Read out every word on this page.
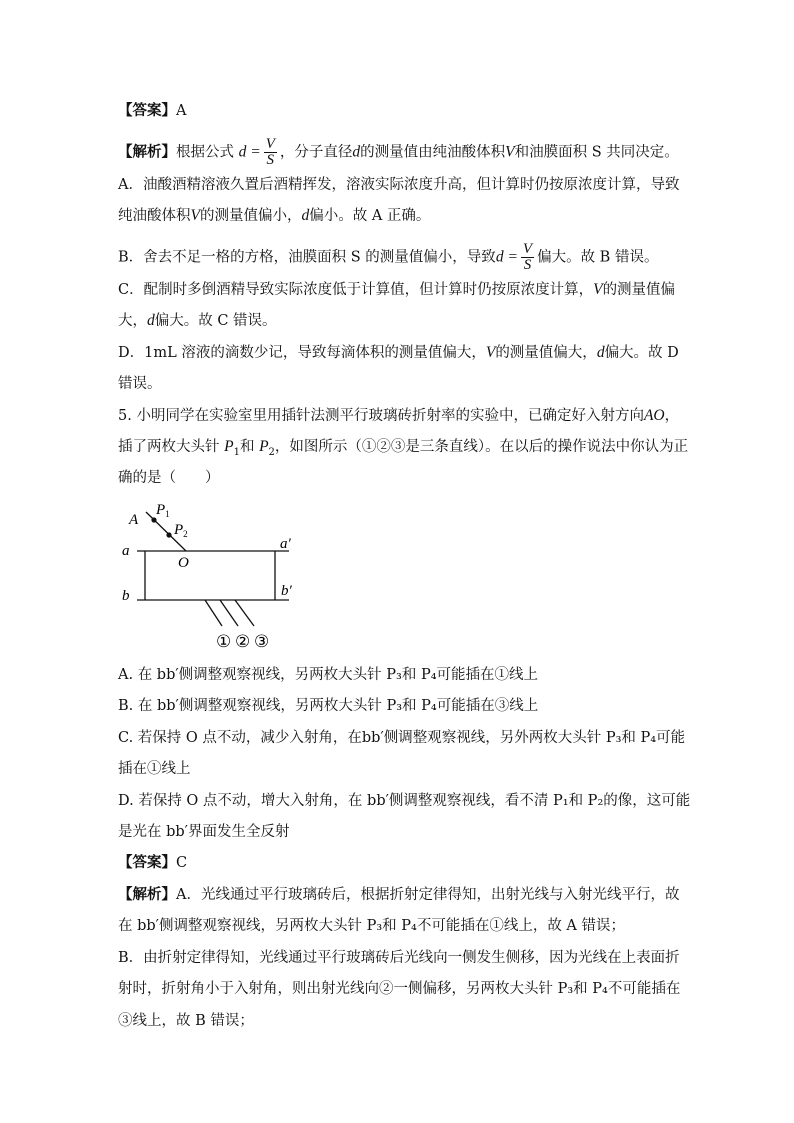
【答案】A
【解析】根据公式 $d = \frac{V}{S}$ ，分子直径d的测量值由纯油酸体积V和油膜面积 S 共同决定。
A．油酸酒精溶液久置后酒精挥发，溶液实际浓度升高，但计算时仍按原浓度计算，导致
纯油酸体积V的测量值偏小，d偏小。故 A 正确。
B．舍去不足一格的方格，油膜面积 S 的测量值偏小，导致$d = \frac{V}{S}$ 偏大。故 B 错误。
C．配制时多倒酒精导致实际浓度低于计算值，但计算时仍按原浓度计算，V的测量值偏
大，d偏大。故 C 错误。
D．1mL 溶液的滴数少记，导致每滴体积的测量值偏大，V的测量值偏大，d偏大。故 D
错误。
5. 小明同学在实验室里用插针法测平行玻璃砖折射率的实验中，已确定好入射方向AO，
插了两枚大头针 $P_1$和 $P_2$，如图所示（①②③是三条直线）。在以后的操作说法中你认为正
确的是（　　）
A
$P_1$
$P_2$
O
a	a′
b	b′
① ② ③
A. 在 bb′侧调整观察视线，另两枚大头针 P₃和 P₄可能插在①线上
B. 在 bb′侧调整观察视线，另两枚大头针 P₃和 P₄可能插在③线上
C. 若保持 O 点不动，减少入射角，在bb′侧调整观察视线，另外两枚大头针 P₃和 P₄可能
插在①线上
D. 若保持 O 点不动，增大入射角，在 bb′侧调整观察视线，看不清 P₁和 P₂的像，这可能
是光在 bb′界面发生全反射
【答案】C
【解析】A．光线通过平行玻璃砖后，根据折射定律得知，出射光线与入射光线平行，故
在 bb′侧调整观察视线，另两枚大头针 P₃和 P₄不可能插在①线上，故 A 错误；
B．由折射定律得知，光线通过平行玻璃砖后光线向一侧发生侧移，因为光线在上表面折
射时，折射角小于入射角，则出射光线向②一侧偏移，另两枚大头针 P₃和 P₄不可能插在
③线上，故 B 错误；
